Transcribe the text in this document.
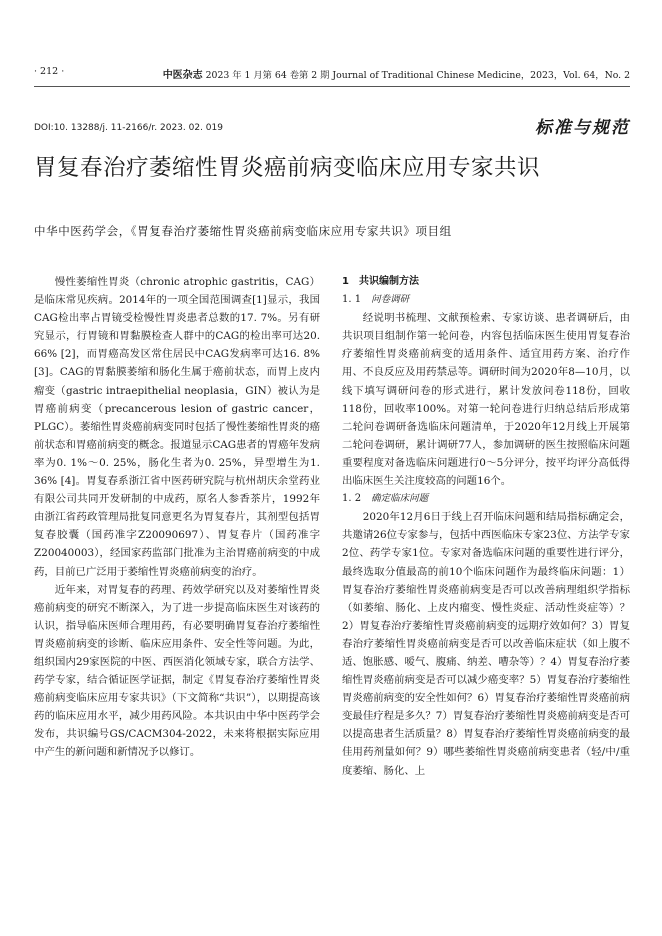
· 212 ·	中医杂志 2023 年 1 月第 64 卷第 2 期 Journal of Traditional Chinese Medicine，2023，Vol. 64，No. 2
DOI:10. 13288/j. 11-2166/r. 2023. 02. 019	标准与规范
胃复春治疗萎缩性胃炎癌前病变临床应用专家共识
中华中医药学会，《胃复春治疗萎缩性胃炎癌前病变临床应用专家共识》项目组

慢性萎缩性胃炎（chronic atrophic gastritis，CAG）是临床常见疾病。2014年的一项全国范围调查[1]显示，我国CAG检出率占胃镜受检慢性胃炎患者总数的17. 7%。另有研究显示，行胃镜和胃黏膜检查人群中的CAG的检出率可达20. 66% [2]，而胃癌高发区常住居民中CAG发病率可达16. 8% [3]。CAG的胃黏膜萎缩和肠化生属于癌前状态，而胃上皮内瘤变（gastric intraepithelial neoplasia，GIN）被认为是胃癌前病变（precancerous lesion of gastric cancer，PLGC）。萎缩性胃炎癌前病变同时包括了慢性萎缩性胃炎的癌前状态和胃癌前病变的概念。报道显示CAG患者的胃癌年发病率为0. 1%～0. 25%，肠化生者为0. 25%，异型增生为1. 36% [4]。胃复春系浙江省中医药研究院与杭州胡庆余堂药业有限公司共同开发研制的中成药，原名人参香茶片，1992年由浙江省药政管理局批复同意更名为胃复春片，其剂型包括胃复春胶囊（国药准字Z20090697）、胃复春片（国药准字Z20040003），经国家药监部门批准为主治胃癌前病变的中成药，目前已广泛用于萎缩性胃炎癌前病变的治疗。

近年来，对胃复春的药理、药效学研究以及对萎缩性胃炎癌前病变的研究不断深入，为了进一步提高临床医生对该药的认识，指导临床医师合理用药，有必要明确胃复春治疗萎缩性胃炎癌前病变的诊断、临床应用条件、安全性等问题。为此，组织国内29家医院的中医、西医消化领域专家，联合方法学、药学专家，结合循证医学证据，制定《胃复春治疗萎缩性胃炎癌前病变临床应用专家共识》（下文简称“共识”），以期提高该药的临床应用水平，减少用药风险。本共识由中华中医药学会发布，共识编号GS/CACM304-2022，未来将根据实际应用中产生的新问题和新情况予以修订。

1　共识编制方法
1. 1　问卷调研

经说明书梳理、文献预检索、专家访谈、患者调研后，由共识项目组制作第一轮问卷，内容包括临床医生使用胃复春治疗萎缩性胃炎癌前病变的适用条件、适宜用药方案、治疗作用、不良反应及用药禁忌等。调研时间为2020年8—10月，以线下填写调研问卷的形式进行，累计发放问卷118份，回收118份，回收率100%。对第一轮问卷进行归纳总结后形成第二轮问卷调研备选临床问题清单，于2020年12月线上开展第二轮问卷调研，累计调研77人，参加调研的医生按照临床问题重要程度对备选临床问题进行0～5分评分，按平均评分高低得出临床医生关注度较高的问题16个。

1. 2　确定临床问题

2020年12月6日于线上召开临床问题和结局指标确定会，共邀请26位专家参与，包括中西医临床专家23位、方法学专家2位、药学专家1位。专家对备选临床问题的重要性进行评分，最终选取分值最高的前10个临床问题作为最终临床问题：1）胃复春治疗萎缩性胃炎癌前病变是否可以改善病理组织学指标（如萎缩、肠化、上皮内瘤变、慢性炎症、活动性炎症等）？2）胃复春治疗萎缩性胃炎癌前病变的远期疗效如何？3）胃复春治疗萎缩性胃炎癌前病变是否可以改善临床症状（如上腹不适、饱胀感、嗳气、腹痛、纳差、嘈杂等）？4）胃复春治疗萎缩性胃炎癌前病变是否可以减少癌变率？5）胃复春治疗萎缩性胃炎癌前病变的安全性如何？6）胃复春治疗萎缩性胃炎癌前病变最佳疗程是多久？7）胃复春治疗萎缩性胃炎癌前病变是否可以提高患者生活质量？8）胃复春治疗萎缩性胃炎癌前病变的最佳用药剂量如何？9）哪些萎缩性胃炎癌前病变患者（轻/中/重度萎缩、肠化、上
